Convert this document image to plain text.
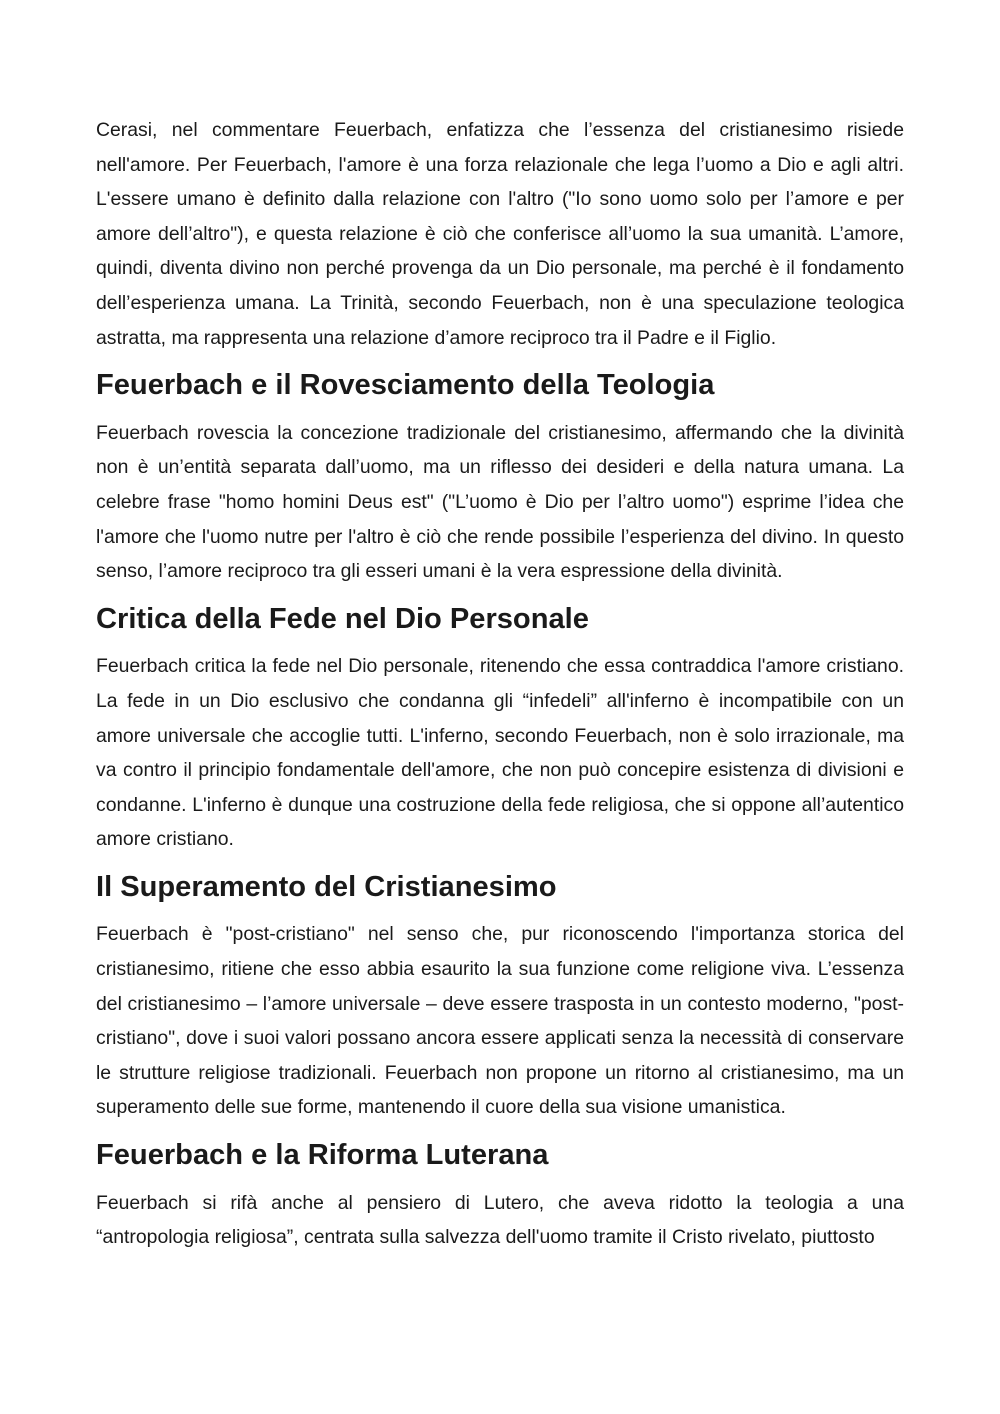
Cerasi, nel commentare Feuerbach, enfatizza che l’essenza del cristianesimo risiede nell'amore. Per Feuerbach, l'amore è una forza relazionale che lega l’uomo a Dio e agli altri. L'essere umano è definito dalla relazione con l'altro ("Io sono uomo solo per l’amore e per amore dell’altro"), e questa relazione è ciò che conferisce all’uomo la sua umanità. L’amore, quindi, diventa divino non perché provenga da un Dio personale, ma perché è il fondamento dell’esperienza umana. La Trinità, secondo Feuerbach, non è una speculazione teologica astratta, ma rappresenta una relazione d’amore reciproco tra il Padre e il Figlio.

Feuerbach e il Rovesciamento della Teologia

Feuerbach rovescia la concezione tradizionale del cristianesimo, affermando che la divinità non è un’entità separata dall’uomo, ma un riflesso dei desideri e della natura umana. La celebre frase "homo homini Deus est" ("L’uomo è Dio per l’altro uomo") esprime l’idea che l'amore che l'uomo nutre per l'altro è ciò che rende possibile l’esperienza del divino. In questo senso, l’amore reciproco tra gli esseri umani è la vera espressione della divinità.

Critica della Fede nel Dio Personale

Feuerbach critica la fede nel Dio personale, ritenendo che essa contraddica l'amore cristiano. La fede in un Dio esclusivo che condanna gli “infedeli” all'inferno è incompatibile con un amore universale che accoglie tutti. L'inferno, secondo Feuerbach, non è solo irrazionale, ma va contro il principio fondamentale dell'amore, che non può concepire esistenza di divisioni e condanne. L'inferno è dunque una costruzione della fede religiosa, che si oppone all’autentico amore cristiano.

Il Superamento del Cristianesimo

Feuerbach è "post-cristiano" nel senso che, pur riconoscendo l'importanza storica del cristianesimo, ritiene che esso abbia esaurito la sua funzione come religione viva. L’essenza del cristianesimo – l’amore universale – deve essere trasposta in un contesto moderno, "post-cristiano", dove i suoi valori possano ancora essere applicati senza la necessità di conservare le strutture religiose tradizionali. Feuerbach non propone un ritorno al cristianesimo, ma un superamento delle sue forme, mantenendo il cuore della sua visione umanistica.

Feuerbach e la Riforma Luterana

Feuerbach si rifà anche al pensiero di Lutero, che aveva ridotto la teologia a una “antropologia religiosa”, centrata sulla salvezza dell'uomo tramite il Cristo rivelato, piuttosto
